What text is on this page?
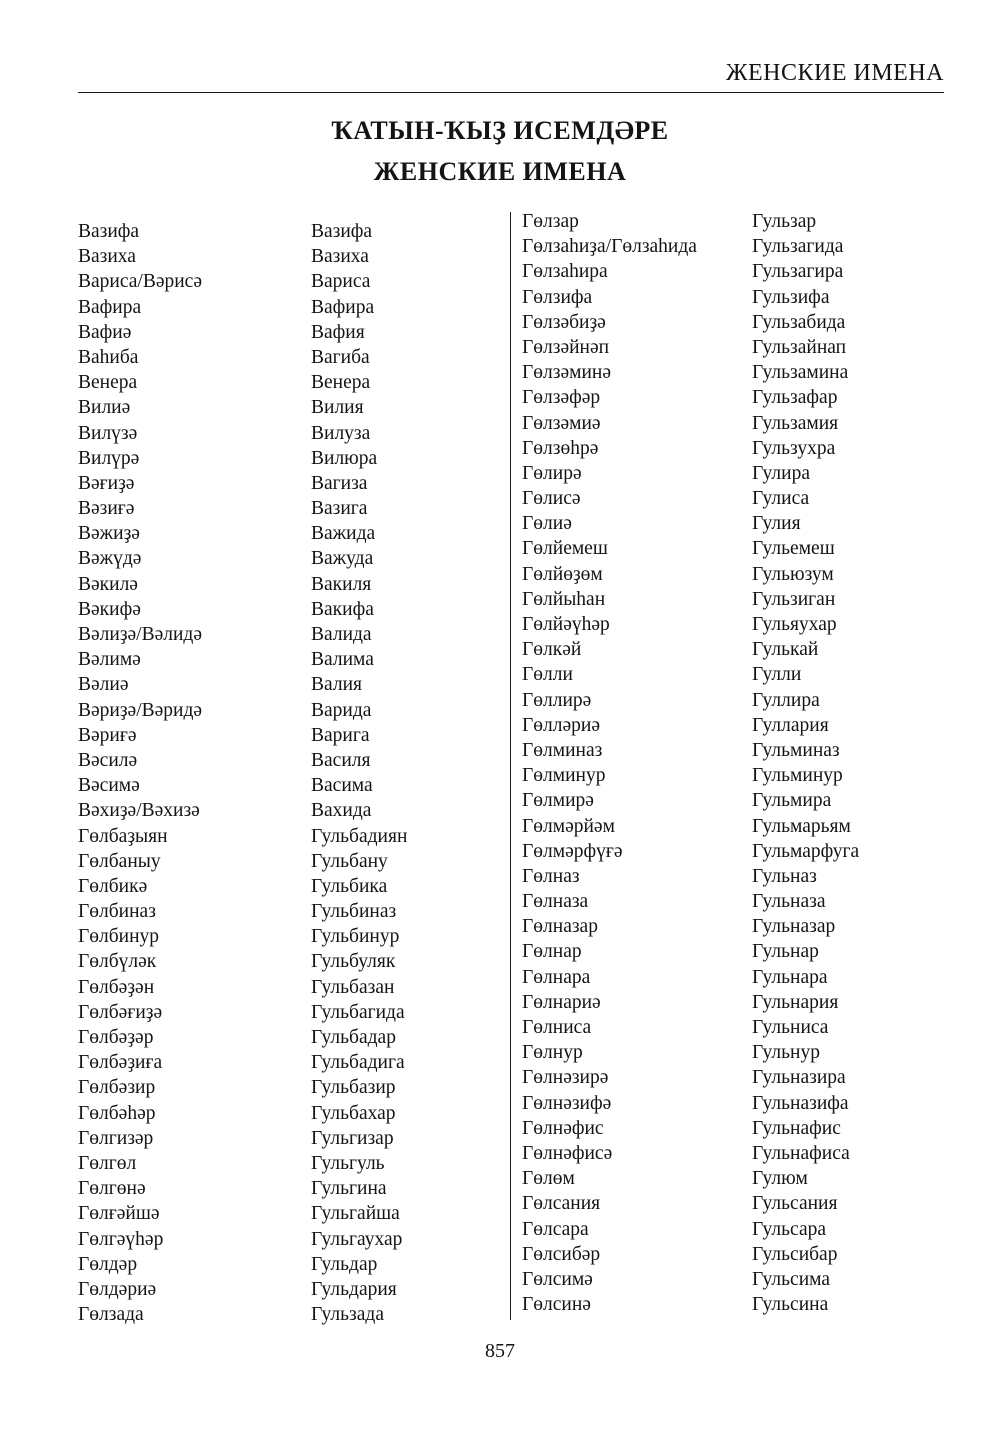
ЖЕНСКИЕ ИМЕНА
ҠАТЫН-ҠЫҘ ИСЕМДӘРЕ
ЖЕНСКИЕ ИМЕНА
Вазифа
Вазиха
Вариса/Вәрисә
Вафира
Вафиә
Ваһиба
Венера
Вилиә
Вилүзә
Вилүрә
Вәғиҙә
Вәзиғә
Вәжиҙә
Вәжүдә
Вәкилә
Вәкифә
Вәлиҙә/Вәлидә
Вәлимә
Вәлиә
Вәриҙә/Вәридә
Вәриғә
Вәсилә
Вәсимә
Вәхиҙә/Вәхизә
Гөлбаҙыян
Гөлбаныу
Гөлбикә
Гөлбиназ
Гөлбинур
Гөлбүләк
Гөлбәҙән
Гөлбәғиҙә
Гөлбәҙәр
Гөлбәҙиға
Гөлбәзир
Гөлбәһәр
Гөлгизәр
Гөлгөл
Гөлгөнә
Гөлғәйшә
Гөлгәүһәр
Гөлдәр
Гөлдәриә
Гөлзада
Вазифа
Вазиха
Вариса
Вафира
Вафия
Вагиба
Венера
Вилия
Вилуза
Вилюра
Вагиза
Вазига
Важида
Важуда
Вакиля
Вакифа
Валида
Валима
Валия
Варида
Варига
Василя
Васима
Вахида
Гульбадиян
Гульбану
Гульбика
Гульбиназ
Гульбинур
Гульбуляк
Гульбазан
Гульбагида
Гульбадар
Гульбадига
Гульбазир
Гульбахар
Гульгизар
Гульгуль
Гульгина
Гульгайша
Гульгаухар
Гульдар
Гульдария
Гульзада
Гөлзар
Гөлзаһиҙа/Гөлзаһида
Гөлзаһира
Гөлзифа
Гөлзәбиҙә
Гөлзәйнәп
Гөлзәминә
Гөлзәфәр
Гөлзәмиә
Гөлзөһрә
Гөлирә
Гөлисә
Гөлиә
Гөлйемеш
Гөлйөҙөм
Гөлйыһан
Гөлйәүһәр
Гөлкәй
Гөлли
Гөллирә
Гөлләриә
Гөлминаз
Гөлминур
Гөлмирә
Гөлмәрйәм
Гөлмәрфүғә
Гөлназ
Гөлназа
Гөлназар
Гөлнар
Гөлнара
Гөлнариә
Гөлниса
Гөлнур
Гөлнәзирә
Гөлнәзифә
Гөлнәфис
Гөлнәфисә
Гөлөм
Гөлсания
Гөлсара
Гөлсибәр
Гөлсимә
Гөлсинә
Гульзар
Гульзагида
Гульзагира
Гульзифа
Гульзабида
Гульзайнап
Гульзамина
Гульзафар
Гульзамия
Гульзухра
Гулира
Гулиса
Гулия
Гульемеш
Гульюзум
Гульзиган
Гульяухар
Гулькай
Гулли
Гуллира
Гуллария
Гульминаз
Гульминур
Гульмира
Гульмарьям
Гульмарфуга
Гульназ
Гульназа
Гульназар
Гульнар
Гульнара
Гульнария
Гульниса
Гульнур
Гульназира
Гульназифа
Гульнафис
Гульнафиса
Гулюм
Гульсания
Гульсара
Гульсибар
Гульсима
Гульсина
857
